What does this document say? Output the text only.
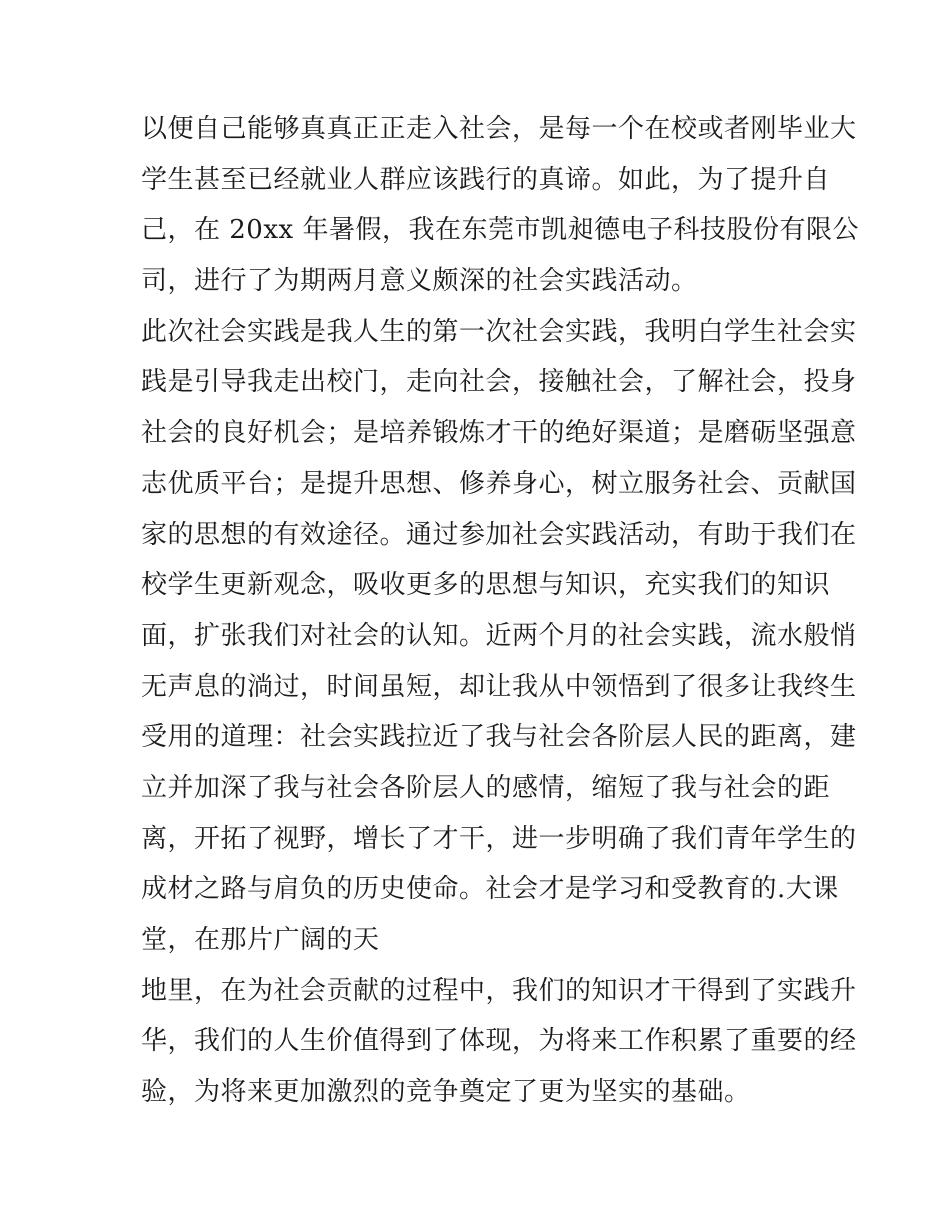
以便自己能够真真正正走入社会，是每一个在校或者刚毕业大
学生甚至已经就业人群应该践行的真谛。如此，为了提升自
己，在 20xx 年暑假，我在东莞市凯昶德电子科技股份有限公
司，进行了为期两月意义颇深的社会实践活动。
此次社会实践是我人生的第一次社会实践，我明白学生社会实
践是引导我走出校门，走向社会，接触社会，了解社会，投身
社会的良好机会；是培养锻炼才干的绝好渠道；是磨砺坚强意
志优质平台；是提升思想、修养身心，树立服务社会、贡献国
家的思想的有效途径。通过参加社会实践活动，有助于我们在
校学生更新观念，吸收更多的思想与知识，充实我们的知识
面，扩张我们对社会的认知。近两个月的社会实践，流水般悄
无声息的淌过，时间虽短，却让我从中领悟到了很多让我终生
受用的道理：社会实践拉近了我与社会各阶层人民的距离，建
立并加深了我与社会各阶层人的感情，缩短了我与社会的距
离，开拓了视野，增长了才干，进一步明确了我们青年学生的
成材之路与肩负的历史使命。社会才是学习和受教育的.大课
堂，在那片广阔的天
地里，在为社会贡献的过程中，我们的知识才干得到了实践升
华，我们的人生价值得到了体现，为将来工作积累了重要的经
验，为将来更加激烈的竞争奠定了更为坚实的基础。
